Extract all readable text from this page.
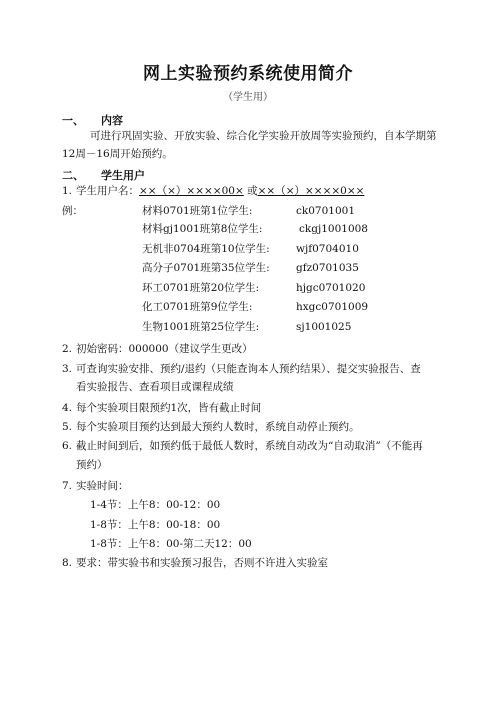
网上实验预约系统使用简介
（学生用）
一、 内容
可进行巩固实验、开放实验、综合化学实验开放周等实验预约，自本学期第
12周－16周开始预约。
二、 学生用户
1. 学生用户名：××（×）××××00× 或××（×）××××0××
例：	材料0701班第1位学生:	ck0701001
材料gj1001班第8位学生:	ckgj1001008
无机非0704班第10位学生:	wjf0704010
高分子0701班第35位学生:	gfz0701035
环工0701班第20位学生:	hjgc0701020
化工0701班第9位学生:	hxgc0701009
生物1001班第25位学生:	sj1001025
2. 初始密码：000000（建议学生更改）
3. 可查询实验安排、预约/退约（只能查询本人预约结果）、提交实验报告、查
看实验报告、查看项目或课程成绩
4. 每个实验项目限预约1次，皆有截止时间
5. 每个实验项目预约达到最大预约人数时，系统自动停止预约。
6. 截止时间到后，如预约低于最低人数时，系统自动改为“自动取消”（不能再
预约）
7. 实验时间：
1-4节：上午8：00-12：00
1-8节：上午8：00-18：00
1-8节：上午8：00-第二天12：00
8. 要求：带实验书和实验预习报告，否则不许进入实验室
